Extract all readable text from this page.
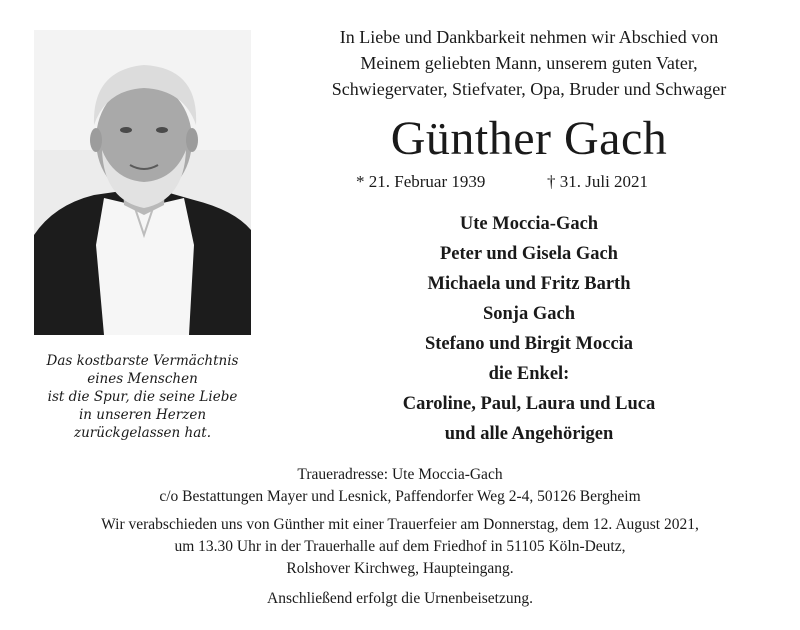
Das kostbarste Vermächtnis
eines Menschen
ist die Spur, die seine Liebe
in unseren Herzen
zurückgelassen hat.
In Liebe und Dankbarkeit nehmen wir Abschied von
Meinem geliebten Mann, unserem guten Vater,
Schwiegervater, Stiefvater, Opa, Bruder und Schwager
Günther Gach
* 21. Februar 1939	† 31. Juli 2021
Ute Moccia-Gach
Peter und Gisela Gach
Michaela und Fritz Barth
Sonja Gach
Stefano und Birgit Moccia
die Enkel:
Caroline, Paul, Laura und Luca
und alle Angehörigen
Traueradresse: Ute Moccia-Gach
c/o Bestattungen Mayer und Lesnick, Paffendorfer Weg 2-4, 50126 Bergheim
Wir verabschieden uns von Günther mit einer Trauerfeier am Donnerstag, dem 12. August 2021,
um 13.30 Uhr in der Trauerhalle auf dem Friedhof in 51105 Köln-Deutz,
Rolshover Kirchweg, Haupteingang.
Anschließend erfolgt die Urnenbeisetzung.
